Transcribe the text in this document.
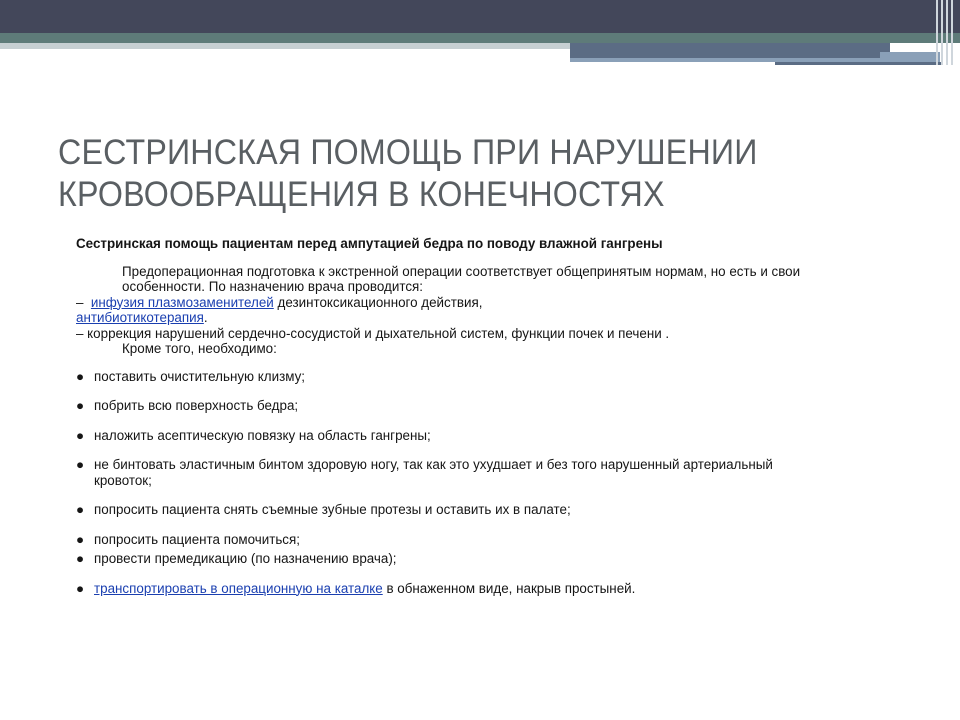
СЕСТРИНСКАЯ ПОМОЩЬ ПРИ НАРУШЕНИИ КРОВООБРАЩЕНИЯ В КОНЕЧНОСТЯХ

Сестринская помощь пациентам перед ампутацией бедра по поводу влажной гангрены

Предоперационная подготовка к экстренной операции соответствует общепринятым нормам, но есть и свои особенности. По назначению врача проводится:

– инфузия плазмозаменителей дезинтоксикационного действия,
антибиотикотерапия.

– коррекция нарушений сердечно-сосудистой и дыхательной систем, функции почек и печени .

Кроме того, необходимо:

● поставить очистительную клизму;
● побрить всю поверхность бедра;
● наложить асептическую повязку на область гангрены;
● не бинтовать эластичным бинтом здоровую ногу, так как это ухудшает и без того нарушенный артериальный кровоток;
● попросить пациента снять съемные зубные протезы и оставить их в палате;
● попросить пациента помочиться;
● провести премедикацию (по назначению врача);
● транспортировать в операционную на каталке в обнаженном виде, накрыв простыней.
